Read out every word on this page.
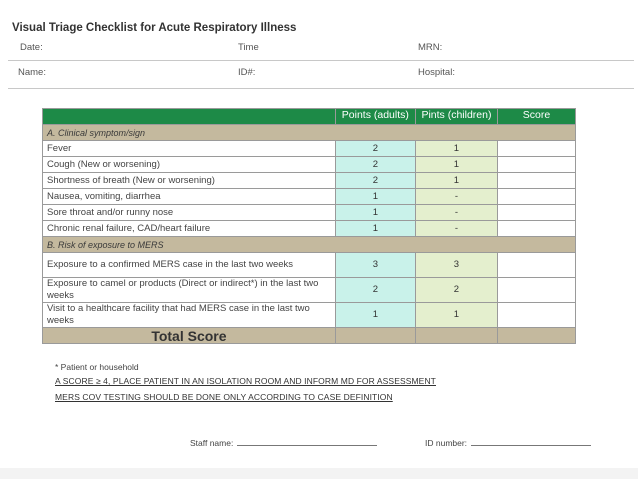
Visual Triage Checklist for Acute Respiratory Illness
Date:	Time	MRN:
Name:	ID#:	Hospital:
	Points (adults)	Pints (children)	Score
A. Clinical symptom/sign			
Fever	2	1	
Cough (New or worsening)	2	1	
Shortness of breath (New or worsening)	2	1	
Nausea, vomiting, diarrhea	1	-	
Sore throat and/or runny nose	1	-	
Chronic renal failure, CAD/heart failure	1	-	
B. Risk of exposure to MERS			
Exposure to a confirmed MERS case in the last two weeks	3	3	
Exposure to camel or products (Direct or indirect*) in the last two weeks	2	2	
Visit to a healthcare facility that had MERS case in the last two weeks	1	1	
Total Score			
* Patient or household
A SCORE ≥ 4, PLACE PATIENT IN AN ISOLATION ROOM AND INFORM MD FOR ASSESSMENT
MERS COV TESTING SHOULD BE DONE ONLY ACCORDING TO CASE DEFINITION
Staff name:	ID number:
